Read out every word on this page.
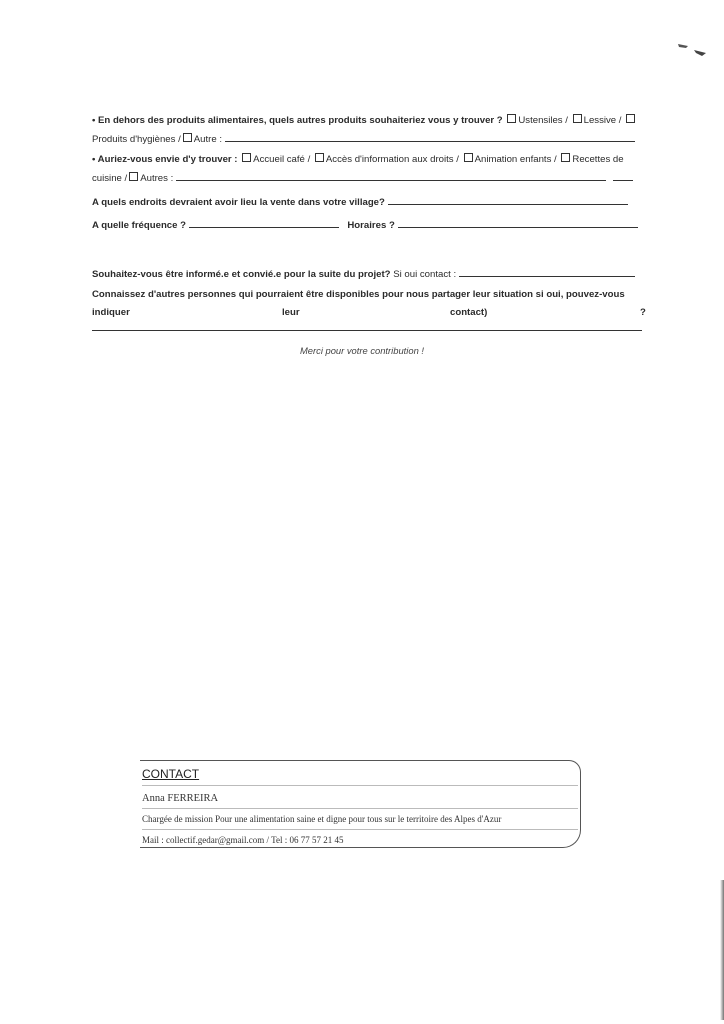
• En dehors des produits alimentaires, quels autres produits souhaiteriez vous y trouver ? Ustensiles / Lessive /
Produits d'hygiènes / Autre :
• Auriez-vous envie d'y trouver : Accueil café / Accès d'information aux droits / Animation enfants / Recettes de
cuisine / Autres :
A quels endroits devraient avoir lieu la vente dans votre village?
A quelle fréquence ?	Horaires ?
Souhaitez-vous être informé.e et convié.e pour la suite du projet? Si oui contact :
Connaissez d'autres personnes qui pourraient être disponibles pour nous partager leur situation si oui, pouvez-vous
indiquer	leur	contact)	?
Merci pour votre contribution !
CONTACT
Anna FERREIRA
Chargée de mission Pour une alimentation saine et digne pour tous sur le territoire des Alpes d'Azur
Mail : collectif.gedar@gmail.com / Tel : 06 77 57 21 45
